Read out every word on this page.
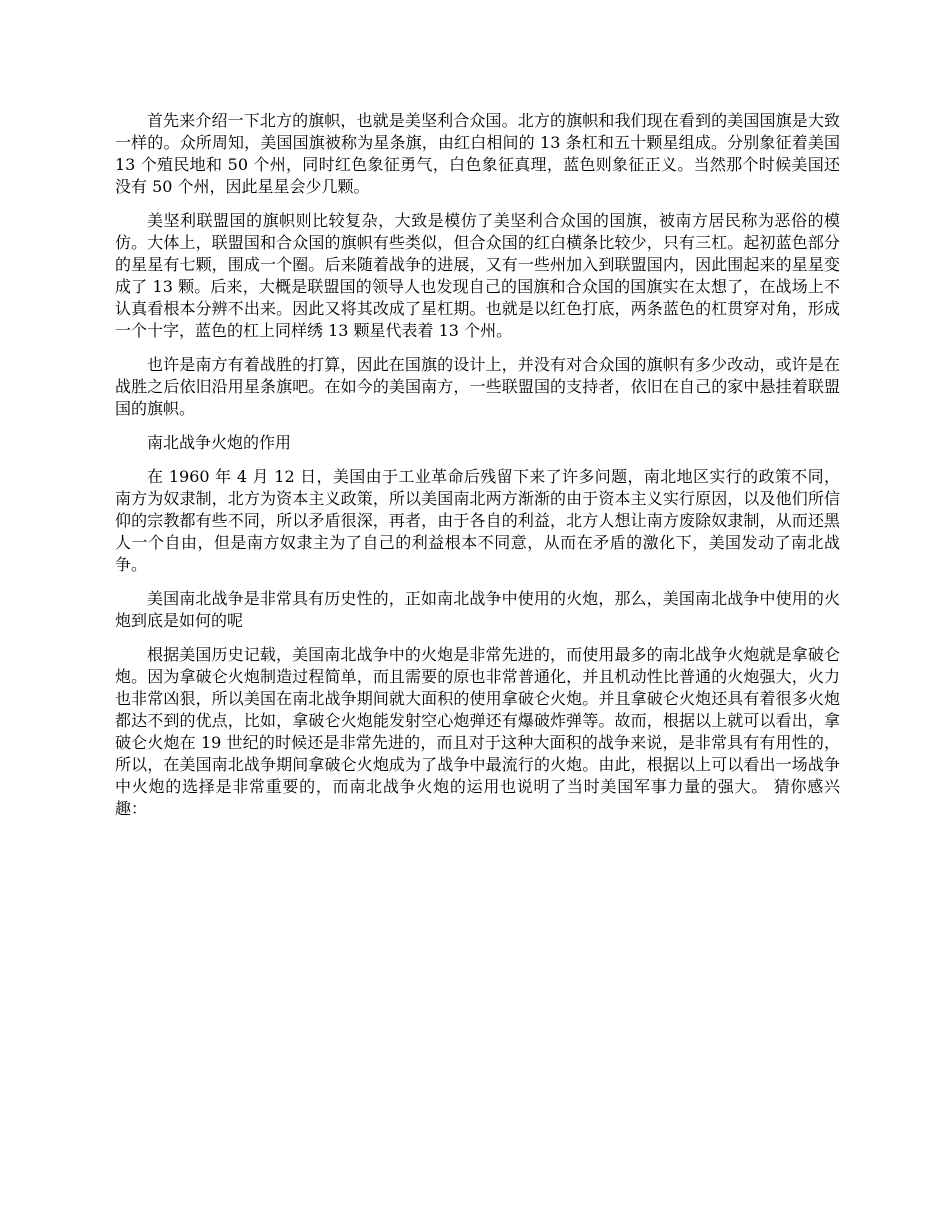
首先来介绍一下北方的旗帜，也就是美坚利合众国。北方的旗帜和我们现在看到的美国国旗是大致一样的。众所周知，美国国旗被称为星条旗，由红白相间的 13 条杠和五十颗星组成。分别象征着美国 13 个殖民地和 50 个州，同时红色象征勇气，白色象征真理，蓝色则象征正义。当然那个时候美国还没有 50 个州，因此星星会少几颗。

美坚利联盟国的旗帜则比较复杂，大致是模仿了美坚利合众国的国旗，被南方居民称为恶俗的模仿。大体上，联盟国和合众国的旗帜有些类似，但合众国的红白横条比较少，只有三杠。起初蓝色部分的星星有七颗，围成一个圈。后来随着战争的进展，又有一些州加入到联盟国内，因此围起来的星星变成了 13 颗。后来，大概是联盟国的领导人也发现自己的国旗和合众国的国旗实在太想了，在战场上不认真看根本分辨不出来。因此又将其改成了星杠期。也就是以红色打底，两条蓝色的杠贯穿对角，形成一个十字，蓝色的杠上同样绣 13 颗星代表着 13 个州。

也许是南方有着战胜的打算，因此在国旗的设计上，并没有对合众国的旗帜有多少改动，或许是在战胜之后依旧沿用星条旗吧。在如今的美国南方，一些联盟国的支持者，依旧在自己的家中悬挂着联盟国的旗帜。

南北战争火炮的作用

在 1960 年 4 月 12 日，美国由于工业革命后残留下来了许多问题，南北地区实行的政策不同，南方为奴隶制，北方为资本主义政策，所以美国南北两方渐渐的由于资本主义实行原因，以及他们所信仰的宗教都有些不同，所以矛盾很深，再者，由于各自的利益，北方人想让南方废除奴隶制，从而还黑人一个自由，但是南方奴隶主为了自己的利益根本不同意，从而在矛盾的激化下，美国发动了南北战争。

美国南北战争是非常具有历史性的，正如南北战争中使用的火炮，那么，美国南北战争中使用的火炮到底是如何的呢

根据美国历史记载，美国南北战争中的火炮是非常先进的，而使用最多的南北战争火炮就是拿破仑炮。因为拿破仑火炮制造过程简单，而且需要的原也非常普通化，并且机动性比普通的火炮强大，火力也非常凶狠，所以美国在南北战争期间就大面积的使用拿破仑火炮。并且拿破仑火炮还具有着很多火炮都达不到的优点，比如，拿破仑火炮能发射空心炮弹还有爆破炸弹等。故而，根据以上就可以看出，拿破仑火炮在 19 世纪的时候还是非常先进的，而且对于这种大面积的战争来说，是非常具有有用性的，所以，在美国南北战争期间拿破仑火炮成为了战争中最流行的火炮。由此，根据以上可以看出一场战争中火炮的选择是非常重要的，而南北战争火炮的运用也说明了当时美国军事力量的强大。 猜你感兴趣：
